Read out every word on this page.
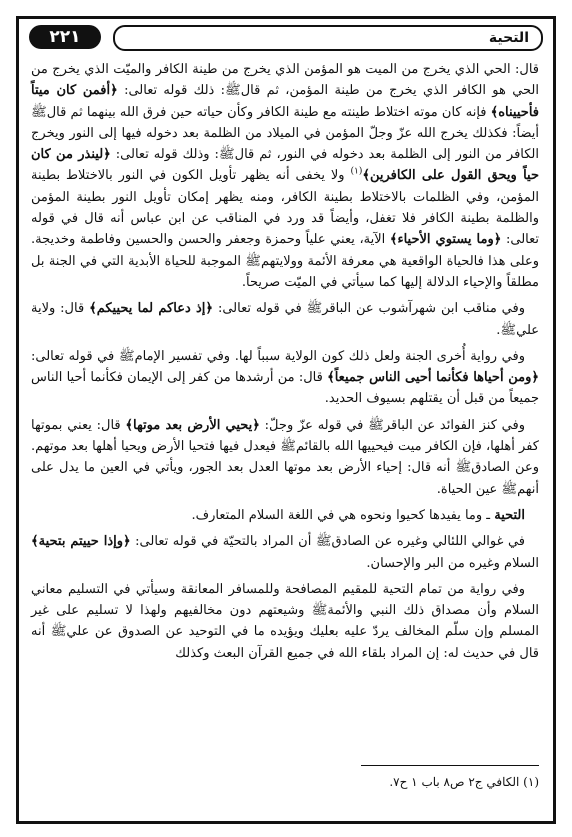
٢٢١	التحية

قال: الحي الذي يخرج من الميت هو المؤمن الذي يخرج من طينة الكافر والميّت الذي يخرج من الحي هو الكافر الذي يخرج من طينة المؤمن، ثم قالﷺ: ذلك قوله تعالى: ﴿أفمن كان ميتاً فأحييناه﴾ فإنه كان موته اختلاط طينته مع طينة الكافر وكأن حياته حين فرق الله بينهما ثم قالﷺ أيضاً: فكذلك يخرج الله عزّ وجلّ المؤمن في الميلاد من الظلمة بعد دخوله فيها إلى النور ويخرج الكافر من النور إلى الظلمة بعد دخوله في النور، ثم قالﷺ: وذلك قوله تعالى: ﴿لينذر من كان حياً ويحق القول على الكافرين﴾$^{(١)}$ ولا يخفى أنه يظهر تأويل الكون في النور بالاختلاط بطينة المؤمن، وفي الظلمات بالاختلاط بطينة الكافر، ومنه يظهر إمكان تأويل النور بطينة المؤمن والظلمة بطينة الكافر فلا تغفل، وأيضاً قد ورد في المناقب عن ابن عباس أنه قال في قوله تعالى: ﴿وما يستوي الأحياء﴾ الآية، يعني علياً وحمزة وجعفر والحسن والحسين وفاطمة وخديجة. وعلى هذا فالحياة الواقعية هي معرفة الأئمة وولايتهمﷺ الموجبة للحياة الأبدية التي في الجنة بل مطلقاً والإحياء الدلالة إليها كما سيأتي في الميّت صريحاً.

وفي مناقب ابن شهرآشوب عن الباقرﷺ في قوله تعالى: ﴿إذ دعاكم لما يحييكم﴾ قال: ولاية عليﷺ.

وفي رواية أُخرى الجنة ولعل ذلك كون الولاية سبباً لها. وفي تفسير الإمامﷺ في قوله تعالى: ﴿ومن أحياها فكأنما أحيى الناس جميعاً﴾ قال: من أرشدها من كفر إلى الإيمان فكأنما أحيا الناس جميعاً من قبل أن يقتلهم بسيوف الحديد.

وفي كنز الفوائد عن الباقرﷺ في قوله عزّ وجلّ: ﴿يحيي الأرض بعد موتها﴾ قال: يعني بموتها كفر أهلها، فإن الكافر ميت فيحييها الله بالقائمﷺ فيعدل فيها فتحيا الأرض ويحيا أهلها بعد موتهم. وعن الصادقﷺ أنه قال: إحياء الأرض بعد موتها العدل بعد الجور، ويأتي في العين ما يدل على أنهمﷺ عين الحياة.

التحية ـ وما يفيدها كحيوا ونحوه هي في اللغة السلام المتعارف.

في غوالي اللئالي وغيره عن الصادقﷺ أن المراد بالتحيّة في قوله تعالى: ﴿وإذا حييتم بتحية﴾ السلام وغيره من البر والإحسان.

وفي رواية من تمام التحية للمقيم المصافحة وللمسافر المعانقة وسيأتي في التسليم معاني السلام وأن مصداق ذلك النبي والأئمةﷺ وشيعتهم دون مخالفيهم ولهذا لا تسليم على غير المسلم وإن سلّم المخالف يردّ عليه بعليك ويؤيده ما في التوحيد عن الصدوق عن عليﷺ أنه قال في حديث له: إن المراد بلقاء الله في جميع القرآن البعث وكذلك

(١) الكافي ج٢ ص٨ باب ١ ح٧.
